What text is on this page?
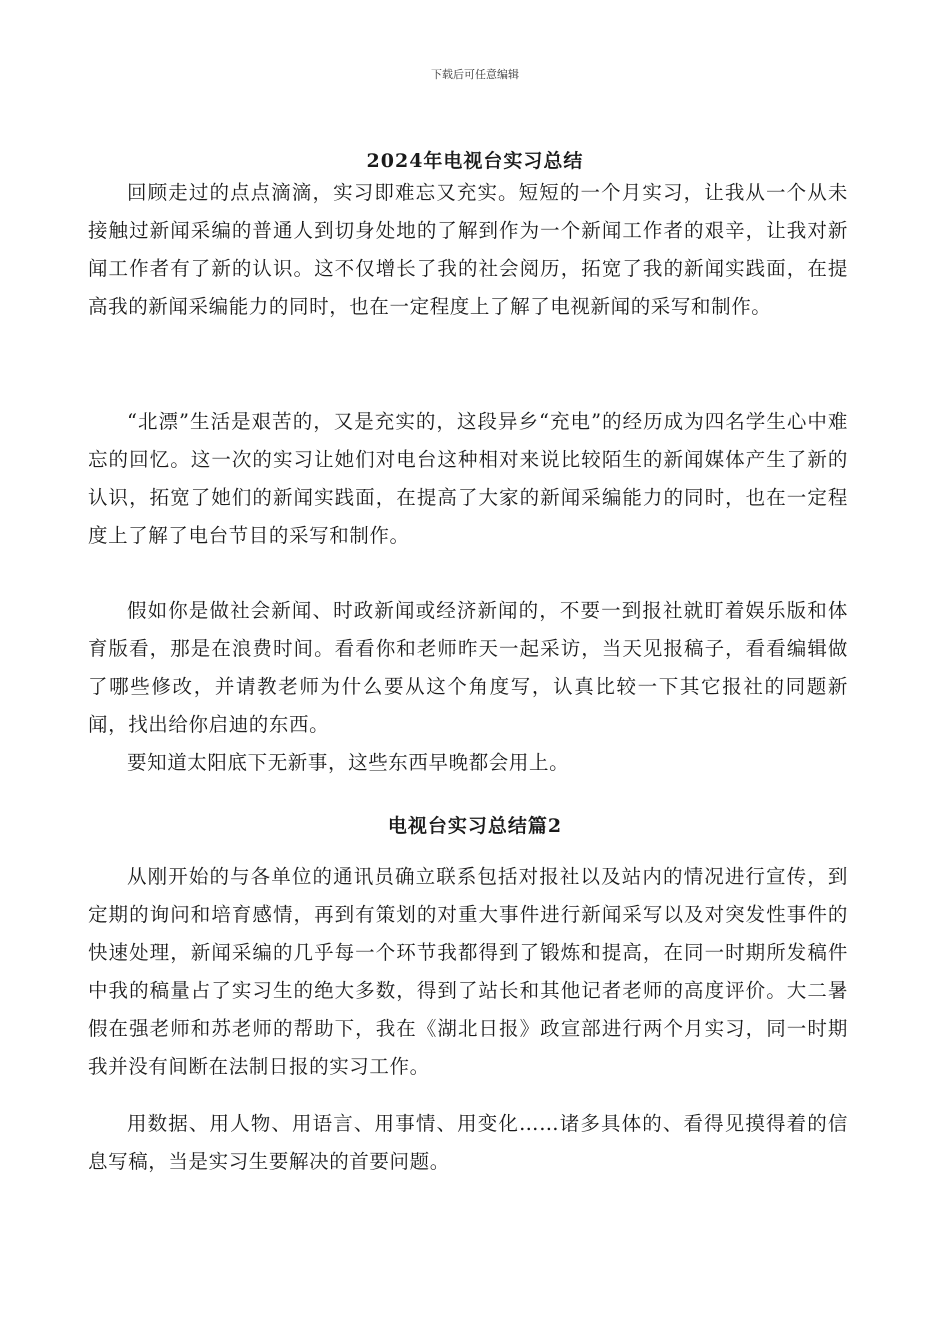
下载后可任意编辑
2024年电视台实习总结

回顾走过的点点滴滴，实习即难忘又充实。短短的一个月实习，让我从一个从未接触过新闻采编的普通人到切身处地的了解到作为一个新闻工作者的艰辛，让我对新闻工作者有了新的认识。这不仅增长了我的社会阅历，拓宽了我的新闻实践面，在提高我的新闻采编能力的同时，也在一定程度上了解了电视新闻的采写和制作。

“北漂”生活是艰苦的，又是充实的，这段异乡“充电”的经历成为四名学生心中难忘的回忆。这一次的实习让她们对电台这种相对来说比较陌生的新闻媒体产生了新的认识，拓宽了她们的新闻实践面，在提高了大家的新闻采编能力的同时，也在一定程度上了解了电台节目的采写和制作。

假如你是做社会新闻、时政新闻或经济新闻的，不要一到报社就盯着娱乐版和体育版看，那是在浪费时间。看看你和老师昨天一起采访，当天见报稿子，看看编辑做了哪些修改，并请教老师为什么要从这个角度写，认真比较一下其它报社的同题新闻，找出给你启迪的东西。

要知道太阳底下无新事，这些东西早晚都会用上。

电视台实习总结篇2

从刚开始的与各单位的通讯员确立联系包括对报社以及站内的情况进行宣传，到定期的询问和培育感情，再到有策划的对重大事件进行新闻采写以及对突发性事件的快速处理，新闻采编的几乎每一个环节我都得到了锻炼和提高，在同一时期所发稿件中我的稿量占了实习生的绝大多数，得到了站长和其他记者老师的高度评价。大二暑假在强老师和苏老师的帮助下，我在《湖北日报》政宣部进行两个月实习，同一时期我并没有间断在法制日报的实习工作。

用数据、用人物、用语言、用事情、用变化……诸多具体的、看得见摸得着的信息写稿，当是实习生要解决的首要问题。
